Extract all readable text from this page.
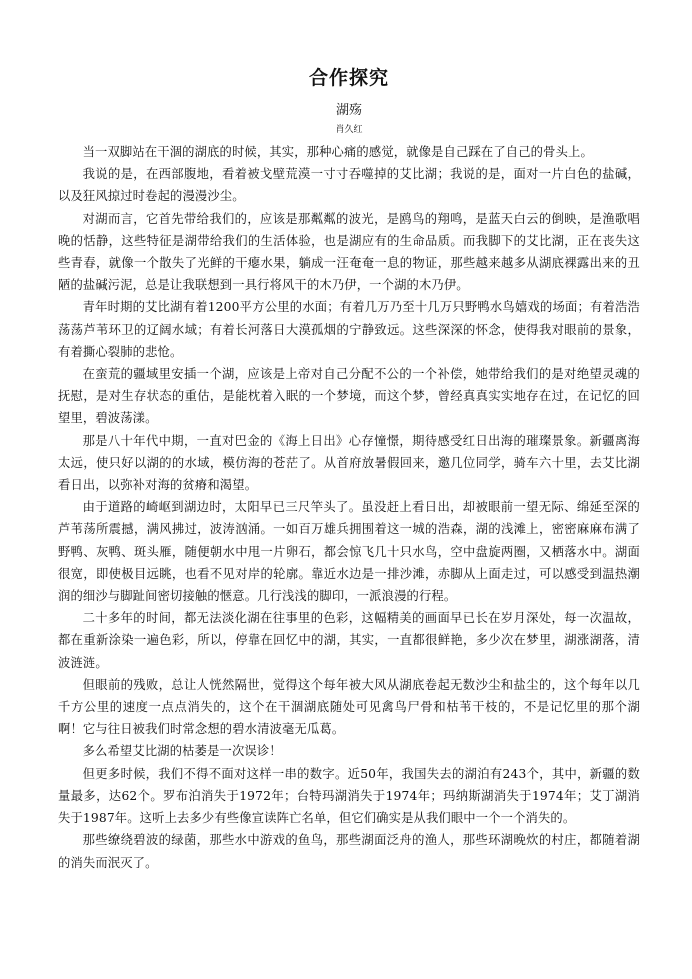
合作探究
湖殇
肖久红

当一双脚站在干涸的湖底的时候，其实，那种心痛的感觉，就像是自己踩在了自己的骨头上。

我说的是，在西部腹地，看着被戈壁荒漠一寸寸吞噬掉的艾比湖；我说的是，面对一片白色的盐碱，以及狂风掠过时卷起的漫漫沙尘。

对湖而言，它首先带给我们的，应该是那粼粼的波光，是鸥鸟的翔鸣，是蓝天白云的倒映，是渔歌唱晚的恬静，这些特征是湖带给我们的生活体验，也是湖应有的生命品质。而我脚下的艾比湖，正在丧失这些青春，就像一个散失了光鲜的干瘪水果，躺成一汪奄奄一息的物证，那些越来越多从湖底裸露出来的丑陋的盐碱污泥，总是让我联想到一具行将风干的木乃伊，一个湖的木乃伊。

青年时期的艾比湖有着1200平方公里的水面；有着几万乃至十几万只野鸭水鸟嬉戏的场面；有着浩浩荡荡芦苇环卫的辽阔水域；有着长河落日大漠孤烟的宁静致远。这些深深的怀念，使得我对眼前的景象，有着撕心裂肺的悲怆。

在蛮荒的疆域里安插一个湖，应该是上帝对自己分配不公的一个补偿，她带给我们的是对绝望灵魂的抚慰，是对生存状态的重估，是能枕着入眠的一个梦境，而这个梦，曾经真真实实地存在过，在记忆的回望里，碧波荡漾。

那是八十年代中期，一直对巴金的《海上日出》心存憧憬，期待感受红日出海的璀璨景象。新疆离海太远，使只好以湖的的水域，模仿海的苍茫了。从首府放暑假回来，邀几位同学，骑车六十里，去艾比湖看日出，以弥补对海的贫瘠和渴望。

由于道路的崎岖到湖边时，太阳早已三尺竿头了。虽没赶上看日出，却被眼前一望无际、绵延至深的芦苇荡所震撼，满风拂过，波涛汹涌。一如百万雄兵拥围着这一城的浩森，湖的浅滩上，密密麻麻布满了野鸭、灰鸭、斑头雁，随便朝水中甩一片卵石，都会惊飞几十只水鸟，空中盘旋两圈，又栖落水中。湖面很宽，即使极目远眺，也看不见对岸的轮廓。靠近水边是一排沙滩，赤脚从上面走过，可以感受到温热潮润的细沙与脚趾间密切接触的惬意。几行浅浅的脚印，一派浪漫的行程。

二十多年的时间，都无法淡化湖在往事里的色彩，这幅精美的画面早已长在岁月深处，每一次温故，都在重新涂染一遍色彩，所以，停靠在回忆中的湖，其实，一直都很鲜艳，多少次在梦里，湖涨湖落，清波涟涟。

但眼前的残败，总让人恍然隔世，觉得这个每年被大风从湖底卷起无数沙尘和盐尘的，这个每年以几千方公里的速度一点点消失的，这个在干涸湖底随处可见禽鸟尸骨和枯苇干枝的，不是记忆里的那个湖啊！它与往日被我们时常念想的碧水清波毫无瓜葛。

多么希望艾比湖的枯萎是一次误诊！

但更多时候，我们不得不面对这样一串的数字。近50年，我国失去的湖泊有243个，其中，新疆的数量最多，达62个。罗布泊消失于1972年；台特玛湖消失于1974年；玛纳斯湖消失于1974年；艾丁湖消失于1987年。这听上去多少有些像宣读阵亡名单，但它们确实是从我们眼中一个一个消失的。

那些缭绕碧波的绿菌，那些水中游戏的鱼鸟，那些湖面泛舟的渔人，那些环湖晚炊的村庄，都随着湖的消失而泯灭了。
